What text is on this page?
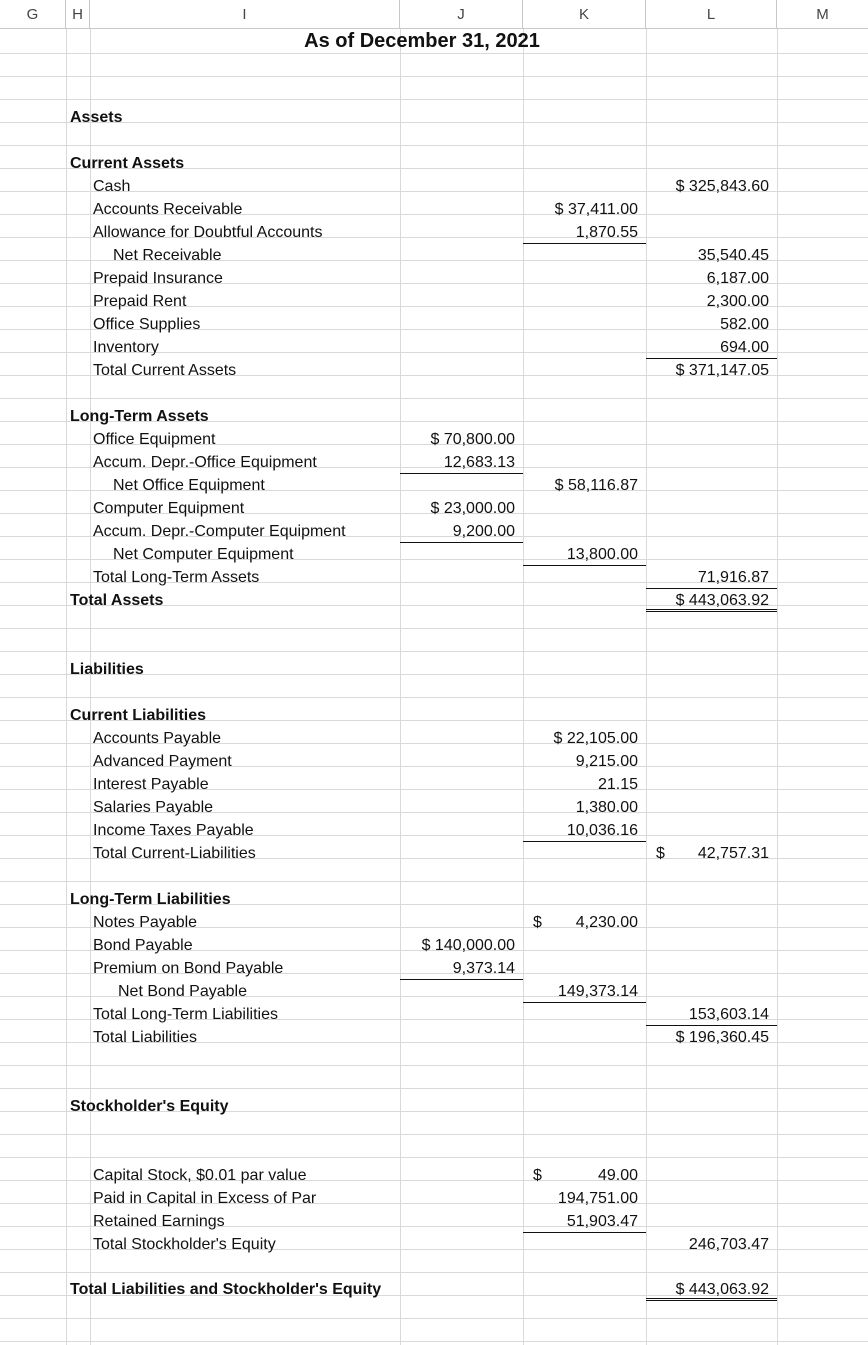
G	H	I	J	K	L	M
As of December 31, 2021
Assets
Current Assets
Cash	$ 325,843.60
Accounts Receivable	$ 37,411.00
Allowance for Doubtful Accounts	1,870.55
Net Receivable	35,540.45
Prepaid Insurance	6,187.00
Prepaid Rent	2,300.00
Office Supplies	582.00
Inventory	694.00
Total Current Assets	$ 371,147.05
Long-Term Assets
Office Equipment	$ 70,800.00
Accum. Depr.-Office Equipment	12,683.13
Net Office Equipment	$ 58,116.87
Computer Equipment	$ 23,000.00
Accum. Depr.-Computer Equipment	9,200.00
Net Computer Equipment	13,800.00
Total Long-Term Assets	71,916.87
Total Assets	$ 443,063.92
Liabilities
Current Liabilities
Accounts Payable	$ 22,105.00
Advanced Payment	9,215.00
Interest Payable	21.15
Salaries Payable	1,380.00
Income Taxes Payable	10,036.16
Total Current-Liabilities	$ 42,757.31
Long-Term Liabilities
Notes Payable	$ 4,230.00
Bond Payable	$ 140,000.00
Premium on Bond Payable	9,373.14
Net Bond Payable	149,373.14
Total Long-Term Liabilities	153,603.14
Total Liabilities	$ 196,360.45
Stockholder's Equity
Capital Stock, $0.01 par value	$	49.00
Paid in Capital in Excess of Par	194,751.00
Retained Earnings	51,903.47
Total Stockholder's Equity	246,703.47
Total Liabilities and Stockholder's Equity	$ 443,063.92
